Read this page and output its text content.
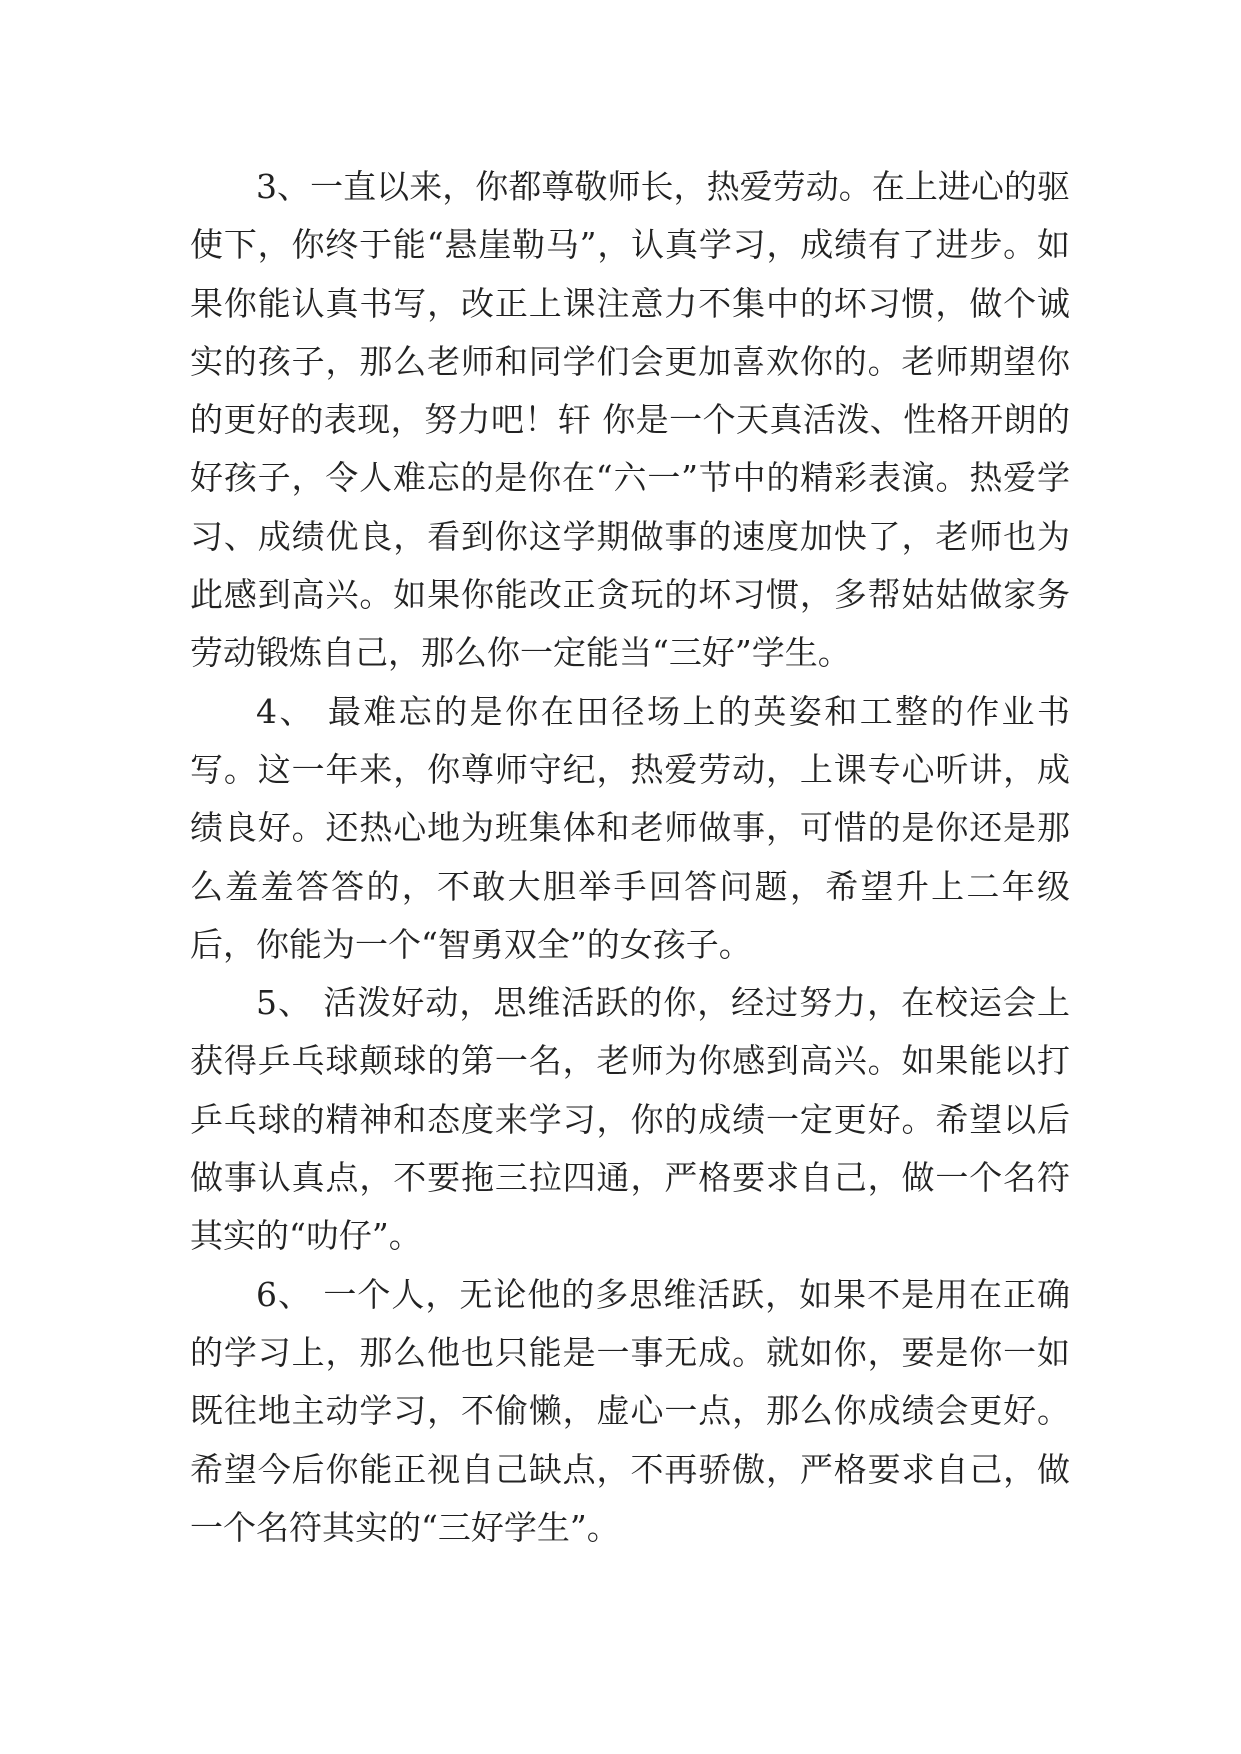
3、一直以来，你都尊敬师长，热爱劳动。在上进心的驱使下，你终于能“悬崖勒马”，认真学习，成绩有了进步。如果你能认真书写，改正上课注意力不集中的坏习惯，做个诚实的孩子，那么老师和同学们会更加喜欢你的。老师期望你的更好的表现，努力吧！轩 你是一个天真活泼、性格开朗的好孩子，令人难忘的是你在“六一”节中的精彩表演。热爱学习、成绩优良，看到你这学期做事的速度加快了，老师也为此感到高兴。如果你能改正贪玩的坏习惯，多帮姑姑做家务劳动锻炼自己，那么你一定能当“三好”学生。

4、 最难忘的是你在田径场上的英姿和工整的作业书写。这一年来，你尊师守纪，热爱劳动，上课专心听讲，成绩良好。还热心地为班集体和老师做事，可惜的是你还是那么羞羞答答的，不敢大胆举手回答问题，希望升上二年级后，你能为一个“智勇双全”的女孩子。

5、 活泼好动，思维活跃的你，经过努力，在校运会上获得乒乓球颠球的第一名，老师为你感到高兴。如果能以打乒乓球的精神和态度来学习，你的成绩一定更好。希望以后做事认真点，不要拖三拉四通，严格要求自己，做一个名符其实的“叻仔”。

6、 一个人，无论他的多思维活跃，如果不是用在正确的学习上，那么他也只能是一事无成。就如你，要是你一如既往地主动学习，不偷懒，虚心一点，那么你成绩会更好。希望今后你能正视自己缺点，不再骄傲，严格要求自己，做一个名符其实的“三好学生”。
